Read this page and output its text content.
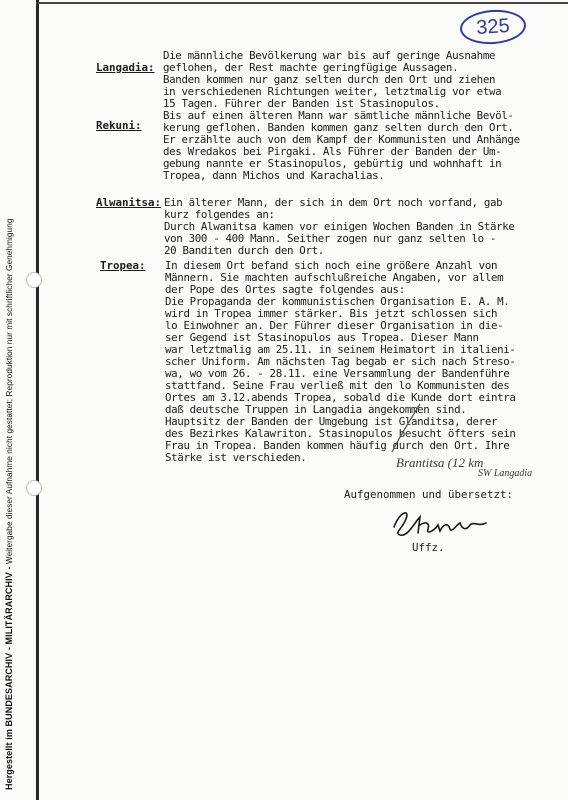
Hergestellt im BUNDESARCHIV - MILITÄRARCHIV - Weitergabe dieser Aufnahme nicht gestattet; Reproduktion nur mit schriftlicher Genehmigung
325
Langadia:
Die männliche Bevölkerung war bis auf geringe Ausnahme
geflohen, der Rest machte geringfügige Aussagen.
Banden kommen nur ganz selten durch den Ort und ziehen
in verschiedenen Richtungen weiter, letztmalig vor etwa
15 Tagen. Führer der Banden ist Stasinopulos.
Rekuni:
Bis auf einen älteren Mann war sämtliche männliche Bevöl-
kerung geflohen. Banden kommen ganz selten durch den Ort.
Er erzählte auch von dem Kampf der Kommunisten und Anhänge
des Wredakos bei Pirgaki. Als Führer der Banden der Um-
gebung nannte er Stasinopulos, gebürtig und wohnhaft in
Tropea, dann Michos und Karachalias.
Alwanitsa: Ein älterer Mann, der sich in dem Ort noch vorfand, gab
kurz folgendes an:
Durch Alwanitsa kamen vor einigen Wochen Banden in Stärke
von 300 - 400 Mann. Seither zogen nur ganz selten lo -
20 Banditen durch den Ort.
Tropea: In diesem Ort befand sich noch eine größere Anzahl von
Männern. Sie machten aufschlußreiche Angaben, vor allem
der Pope des Ortes sagte folgendes aus:
Die Propaganda der kommunistischen Organisation E. A. M.
wird in Tropea immer stärker. Bis jetzt schlossen sich
lo Einwohner an. Der Führer dieser Organisation in die-
ser Gegend ist Stasinopulos aus Tropea. Dieser Mann
war letztmalig am 25.11. in seinem Heimatort in italieni-
scher Uniform. Am nächsten Tag begab er sich nach Streso-
wa, wo vom 26. - 28.11. eine Versammlung der Bandenführe
stattfand. Seine Frau verließ mit den lo Kommunisten des
Ortes am 3.12.abends Tropea, sobald die Kunde dort eintra
daß deutsche Truppen in Langadia angekommen sind.
Hauptsitz der Banden der Umgebung ist Glanditsa, derer
des Bezirkes Kalawriton. Stasinopulos besucht öfters sein
Frau in Tropea. Banden kommen häufig durch den Ort. Ihre
Stärke ist verschieden.	Brantitsa (12 km
SW Langadia
Aufgenommen und übersetzt:
Uffz.
